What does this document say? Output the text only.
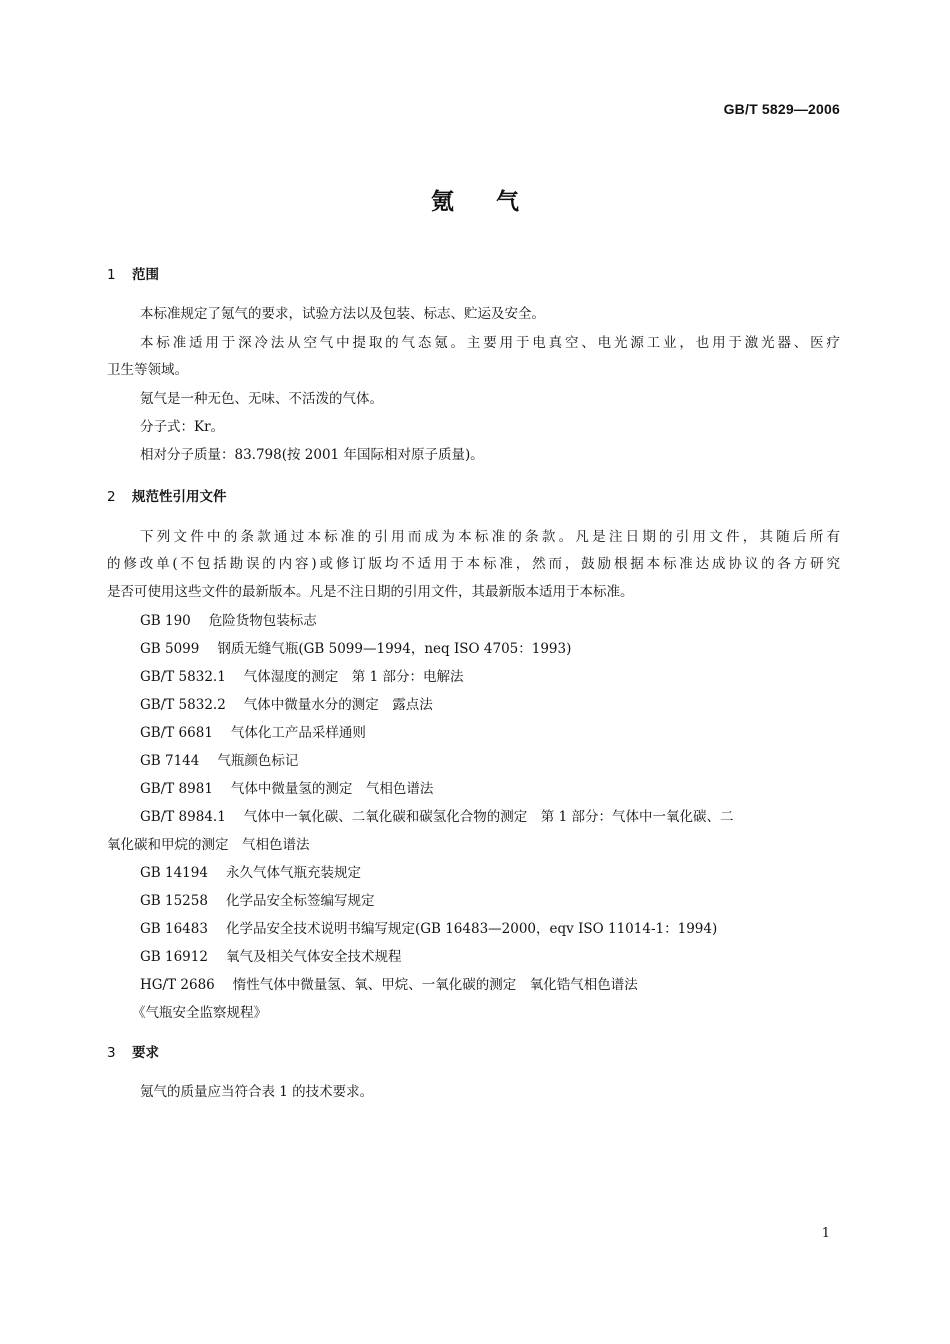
GB/T 5829—2006
氪 气
1 范围
本标准规定了氪气的要求，试验方法以及包装、标志、贮运及安全。
本标准适用于深冷法从空气中提取的气态氪。主要用于电真空、电光源工业，也用于激光器、医疗
卫生等领域。
氪气是一种无色、无味、不活泼的气体。
分子式：Kr。
相对分子质量：83.798(按 2001 年国际相对原子质量)。
2 规范性引用文件
下列文件中的条款通过本标准的引用而成为本标准的条款。凡是注日期的引用文件，其随后所有
的修改单(不包括勘误的内容)或修订版均不适用于本标准，然而，鼓励根据本标准达成协议的各方研究
是否可使用这些文件的最新版本。凡是不注日期的引用文件，其最新版本适用于本标准。
GB 190 危险货物包装标志
GB 5099 钢质无缝气瓶(GB 5099—1994，neq ISO 4705：1993)
GB/T 5832.1 气体湿度的测定　第 1 部分：电解法
GB/T 5832.2 气体中微量水分的测定　露点法
GB/T 6681 气体化工产品采样通则
GB 7144 气瓶颜色标记
GB/T 8981 气体中微量氢的测定　气相色谱法
GB/T 8984.1 气体中一氧化碳、二氧化碳和碳氢化合物的测定　第 1 部分：气体中一氧化碳、二
氧化碳和甲烷的测定　气相色谱法
GB 14194 永久气体气瓶充装规定
GB 15258 化学品安全标签编写规定
GB 16483 化学品安全技术说明书编写规定(GB 16483—2000，eqv ISO 11014-1：1994)
GB 16912 氧气及相关气体安全技术规程
HG/T 2686 惰性气体中微量氢、氧、甲烷、一氧化碳的测定　氧化锆气相色谱法
《气瓶安全监察规程》
3 要求
氪气的质量应当符合表 1 的技术要求。
1
